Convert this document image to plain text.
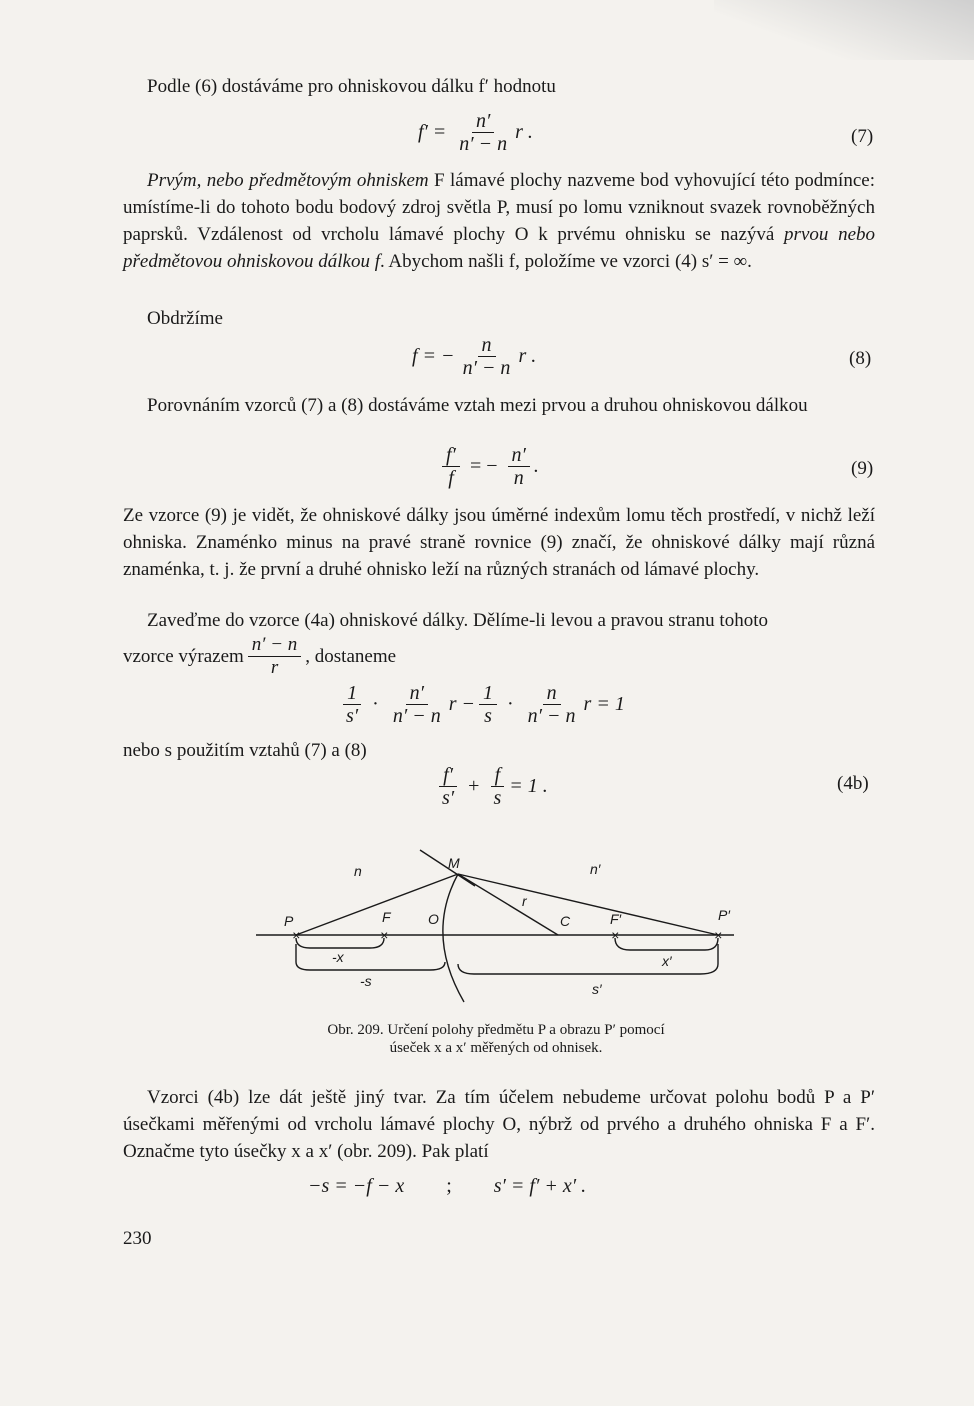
Podle (6) dostáváme pro ohniskovou dálku f′ hodnotu
$f' = \frac{n'}{n' - n}$ r .	(7)
Prvým, nebo předmětovým ohniskem F lámavé plochy nazveme bod vyhovující této podmínce: umístíme-li do tohoto bodu bodový zdroj světla P, musí po lomu vzniknout svazek rovnoběžných paprsků. Vzdálenost od vrcholu lámavé plochy O k prvému ohnisku se nazývá prvou nebo předmětovou ohniskovou dálkou f. Abychom našli f, položíme ve vzorci (4) s′ = ∞.
Obdržíme
f = − $\frac{n}{n' - n}$ r .	(8)
Porovnáním vzorců (7) a (8) dostáváme vztah mezi prvou a druhou ohniskovou dálkou
$\frac{f'}{f}$ = − $\frac{n'}{n}$ .	(9)
Ze vzorce (9) je vidět, že ohniskové dálky jsou úměrné indexům lomu těch prostředí, v nichž leží ohniska. Znaménko minus na pravé straně rovnice (9) značí, že ohniskové dálky mají různá znaménka, t. j. že první a druhé ohnisko leží na různých stranách od lámavé plochy.
Zaveďme do vzorce (4a) ohniskové dálky. Dělíme-li levou a pravou stranu tohoto
vzorce výrazem $\frac{n' - n}{r}$ , dostaneme
$\frac{1}{s'} \cdot \frac{n'}{n' - n}$ $r - \frac{1}{s} \cdot \frac{n}{n' - n}$ r = 1
nebo s použitím vztahů (7) a (8)
$\frac{f'}{s'} + \frac{f}{s} = 1$ .	(4b)
n	n′
M
P	F	O
r
C	F′	P′
-x
-s
x′
s′
×	×	×	×
Obr. 209. Určení polohy předmětu P a obrazu P′ pomocí
úseček x a x′ měřených od ohnisek.
Vzorci (4b) lze dát ještě jiný tvar. Za tím účelem nebudeme určovat polohu bodů P a P′ úsečkami měřenými od vrcholu lámavé plochy O, nýbrž od prvého a druhého ohniska F a F′. Označme tyto úsečky x a x′ (obr. 209). Pak platí
−s = −f − x ; s′ = f′ + x′ .
230
